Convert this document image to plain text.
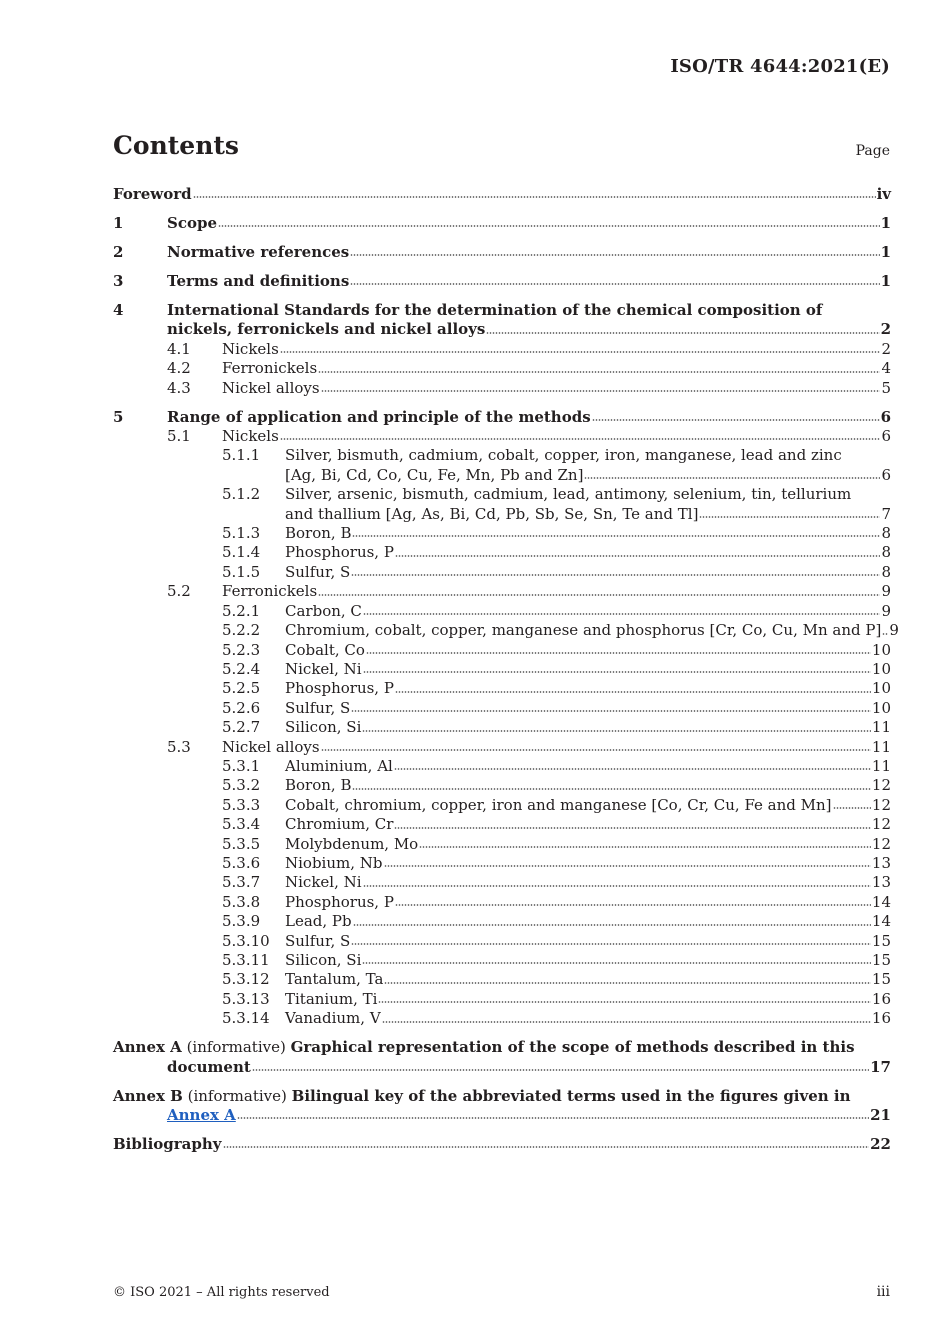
ISO/TR 4644:2021(E)
Contents	Page
Foreword	iv
1	Scope	1
2	Normative references	1
3	Terms and definitions	1
4	International Standards for the determination of the chemical composition of
nickels, ferronickels and nickel alloys	2
4.1	Nickels	2
4.2	Ferronickels	4
4.3	Nickel alloys	5
5	Range of application and principle of the methods	6
5.1	Nickels	6
5.1.1	Silver, bismuth, cadmium, cobalt, copper, iron, manganese, lead and zinc
[Ag, Bi, Cd, Co, Cu, Fe, Mn, Pb and Zn]	6
5.1.2	Silver, arsenic, bismuth, cadmium, lead, antimony, selenium, tin, tellurium
and thallium [Ag, As, Bi, Cd, Pb, Sb, Se, Sn, Te and Tl]	7
5.1.3	Boron, B	8
5.1.4	Phosphorus, P	8
5.1.5	Sulfur, S	8
5.2	Ferronickels	9
5.2.1	Carbon, C	9
5.2.2	Chromium, cobalt, copper, manganese and phosphorus [Cr, Co, Cu, Mn and P] 9
5.2.3	Cobalt, Co	10
5.2.4	Nickel, Ni	10
5.2.5	Phosphorus, P	10
5.2.6	Sulfur, S	10
5.2.7	Silicon, Si	11
5.3	Nickel alloys	11
5.3.1	Aluminium, Al	11
5.3.2	Boron, B	12
5.3.3	Cobalt, chromium, copper, iron and manganese [Co, Cr, Cu, Fe and Mn]	12
5.3.4	Chromium, Cr	12
5.3.5	Molybdenum, Mo	12
5.3.6	Niobium, Nb	13
5.3.7	Nickel, Ni	13
5.3.8	Phosphorus, P	14
5.3.9	Lead, Pb	14
5.3.10	Sulfur, S	15
5.3.11	Silicon, Si	15
5.3.12	Tantalum, Ta	15
5.3.13	Titanium, Ti	16
5.3.14	Vanadium, V	16
Annex A (informative) Graphical representation of the scope of methods described in this
document	17
Annex B (informative) Bilingual key of the abbreviated terms used in the figures given in
Annex A	21
Bibliography	22
© ISO 2021 – All rights reserved	iii
